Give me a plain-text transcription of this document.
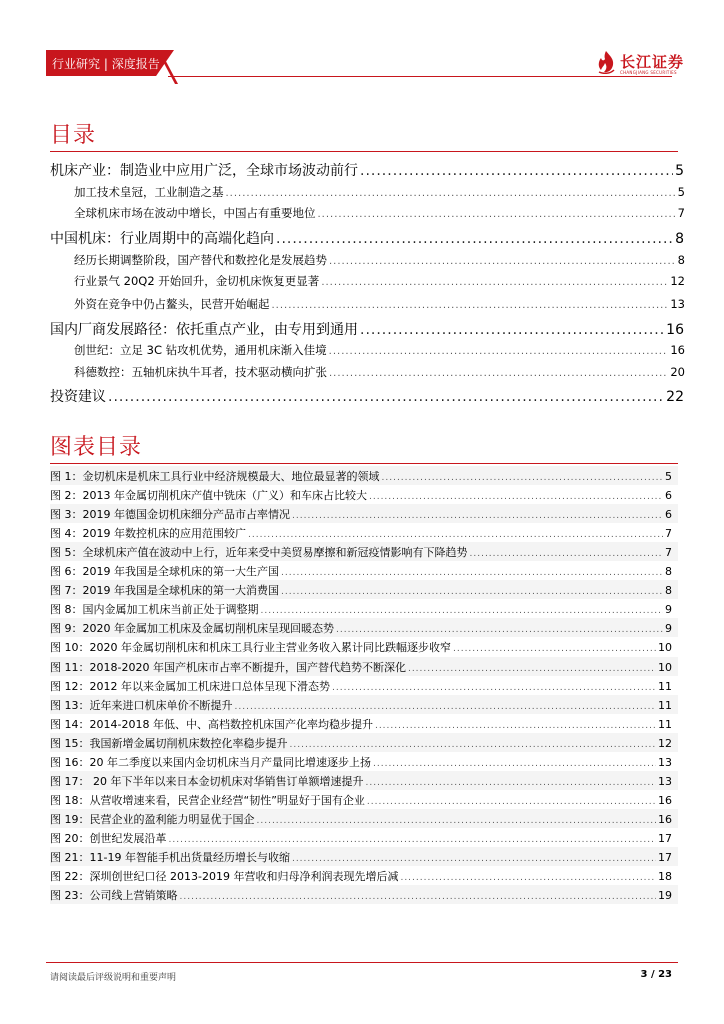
行业研究 | 深度报告	长江证券
CHANGJIANG SECURITIES
目录
机床产业：制造业中应用广泛，全球市场波动前行 .....	5
加工技术皇冠，工业制造之基 .....	5
全球机床市场在波动中增长，中国占有重要地位 .....	7
中国机床：行业周期中的高端化趋向 .....	8
经历长期调整阶段，国产替代和数控化是发展趋势 .....	8
行业景气 20Q2 开始回升，金切机床恢复更显著 .....	12
外资在竞争中仍占鳌头，民营开始崛起 .....	13
国内厂商发展路径：依托重点产业，由专用到通用 .....	16
创世纪：立足 3C 钻攻机优势，通用机床渐入佳境 .....	16
科德数控：五轴机床执牛耳者，技术驱动横向扩张 .....	20
投资建议 .....	22
图表目录
图 1：金切机床是机床工具行业中经济规模最大、地位最显著的领域 .....	5
图 2：2013 年金属切削机床产值中铣床（广义）和车床占比较大 .....	6
图 3：2019 年德国金切机床细分产品市占率情况 .....	6
图 4：2019 年数控机床的应用范围较广 .....	7
图 5：全球机床产值在波动中上行，近年来受中美贸易摩擦和新冠疫情影响有下降趋势 .....	7
图 6：2019 年我国是全球机床的第一大生产国 .....	8
图 7：2019 年我国是全球机床的第一大消费国 .....	8
图 8：国内金属加工机床当前正处于调整期 .....	9
图 9：2020 年金属加工机床及金属切削机床呈现回暖态势 .....	9
图 10：2020 年金属切削机床和机床工具行业主营业务收入累计同比跌幅逐步收窄 .....	10
图 11：2018-2020 年国产机床市占率不断提升，国产替代趋势不断深化 .....	10
图 12：2012 年以来金属加工机床进口总体呈现下滑态势 .....	11
图 13：近年来进口机床单价不断提升 .....	11
图 14：2014-2018 年低、中、高档数控机床国产化率均稳步提升 .....	11
图 15：我国新增金属切削机床数控化率稳步提升 .....	12
图 16：20 年二季度以来国内金切机床当月产量同比增速逐步上扬 .....	13
图 17： 20 年下半年以来日本金切机床对华销售订单额增速提升 .....	13
图 18：从营收增速来看，民营企业经营“韧性”明显好于国有企业 .....	16
图 19：民营企业的盈利能力明显优于国企 .....	16
图 20：创世纪发展沿革 .....	17
图 21：11-19 年智能手机出货量经历增长与收缩 .....	17
图 22：深圳创世纪口径 2013-2019 年营收和归母净利润表现先增后减 .....	18
图 23：公司线上营销策略 .....	19
请阅读最后评级说明和重要声明	3 / 23
